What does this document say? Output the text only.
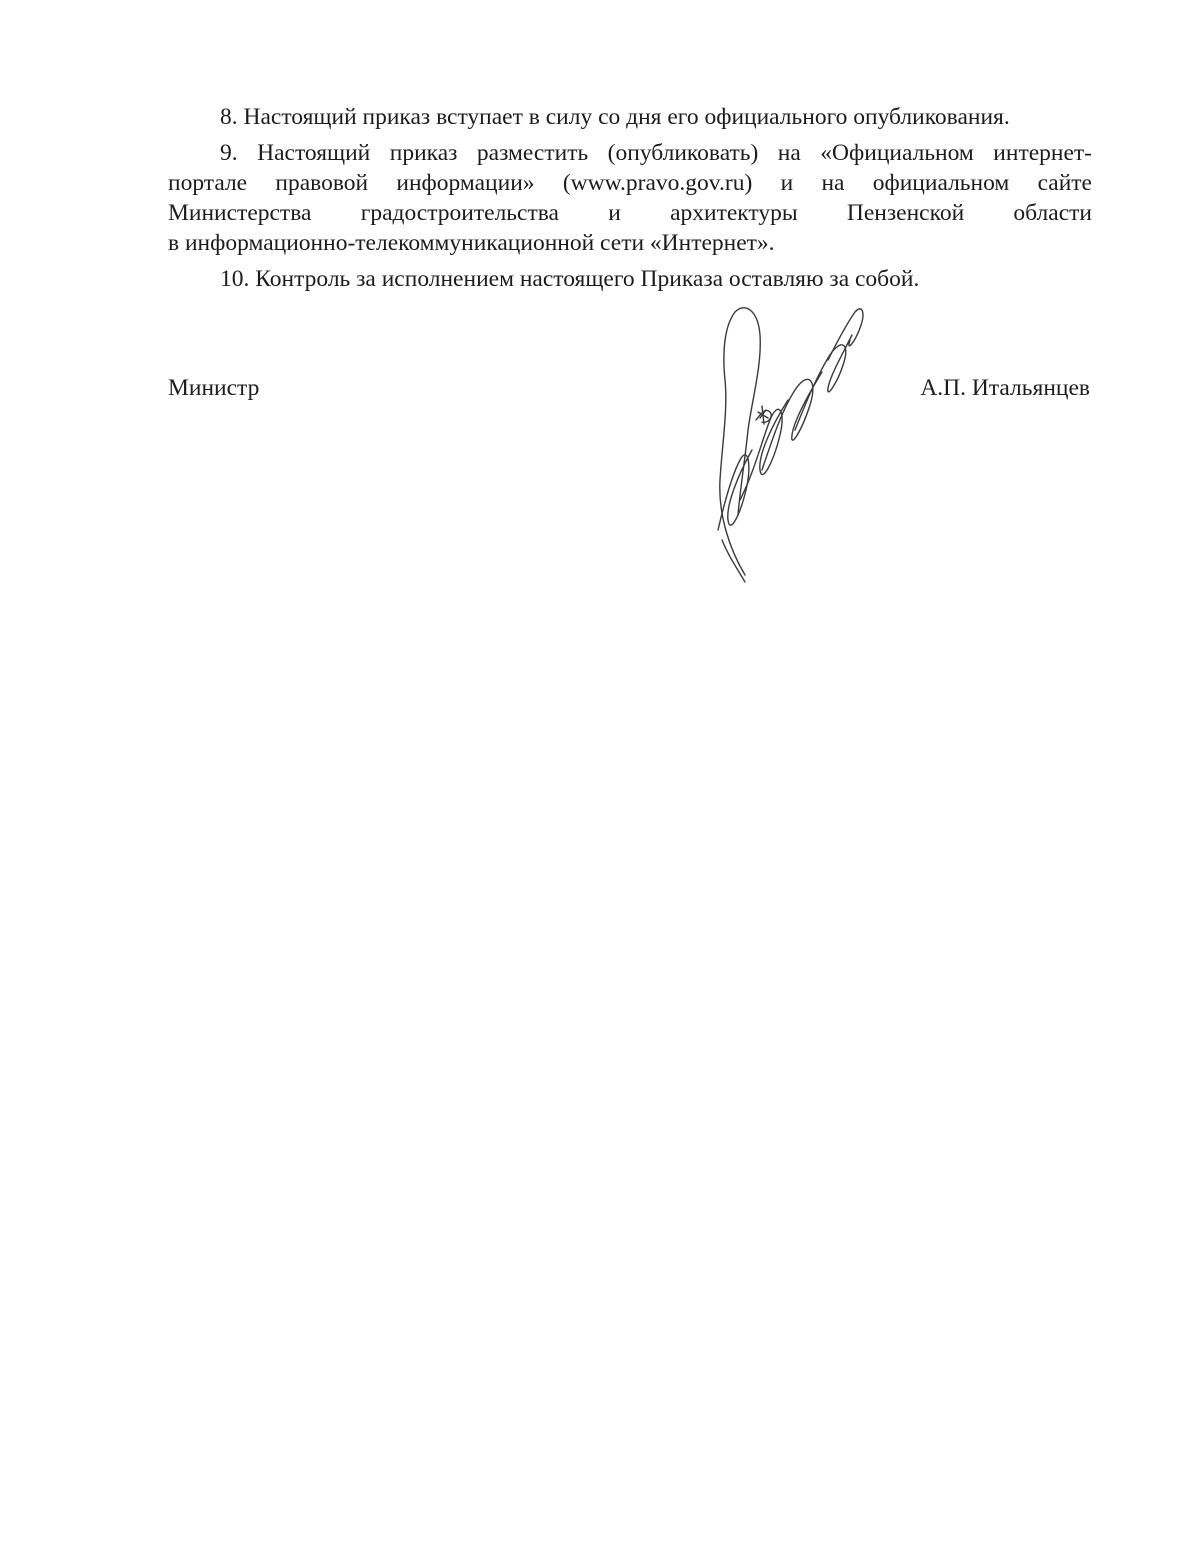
8. Настоящий приказ вступает в силу со дня его официального опубликования.

9. Настоящий приказ разместить (опубликовать) на «Официальном интернет-
портале правовой информации» (www.pravo.gov.ru) и на официальном сайте
Министерства градостроительства и архитектуры Пензенской области
в информационно-телекоммуникационной сети «Интернет».

10. Контроль за исполнением настоящего Приказа оставляю за собой.

Министр	А.П. Итальянцев
